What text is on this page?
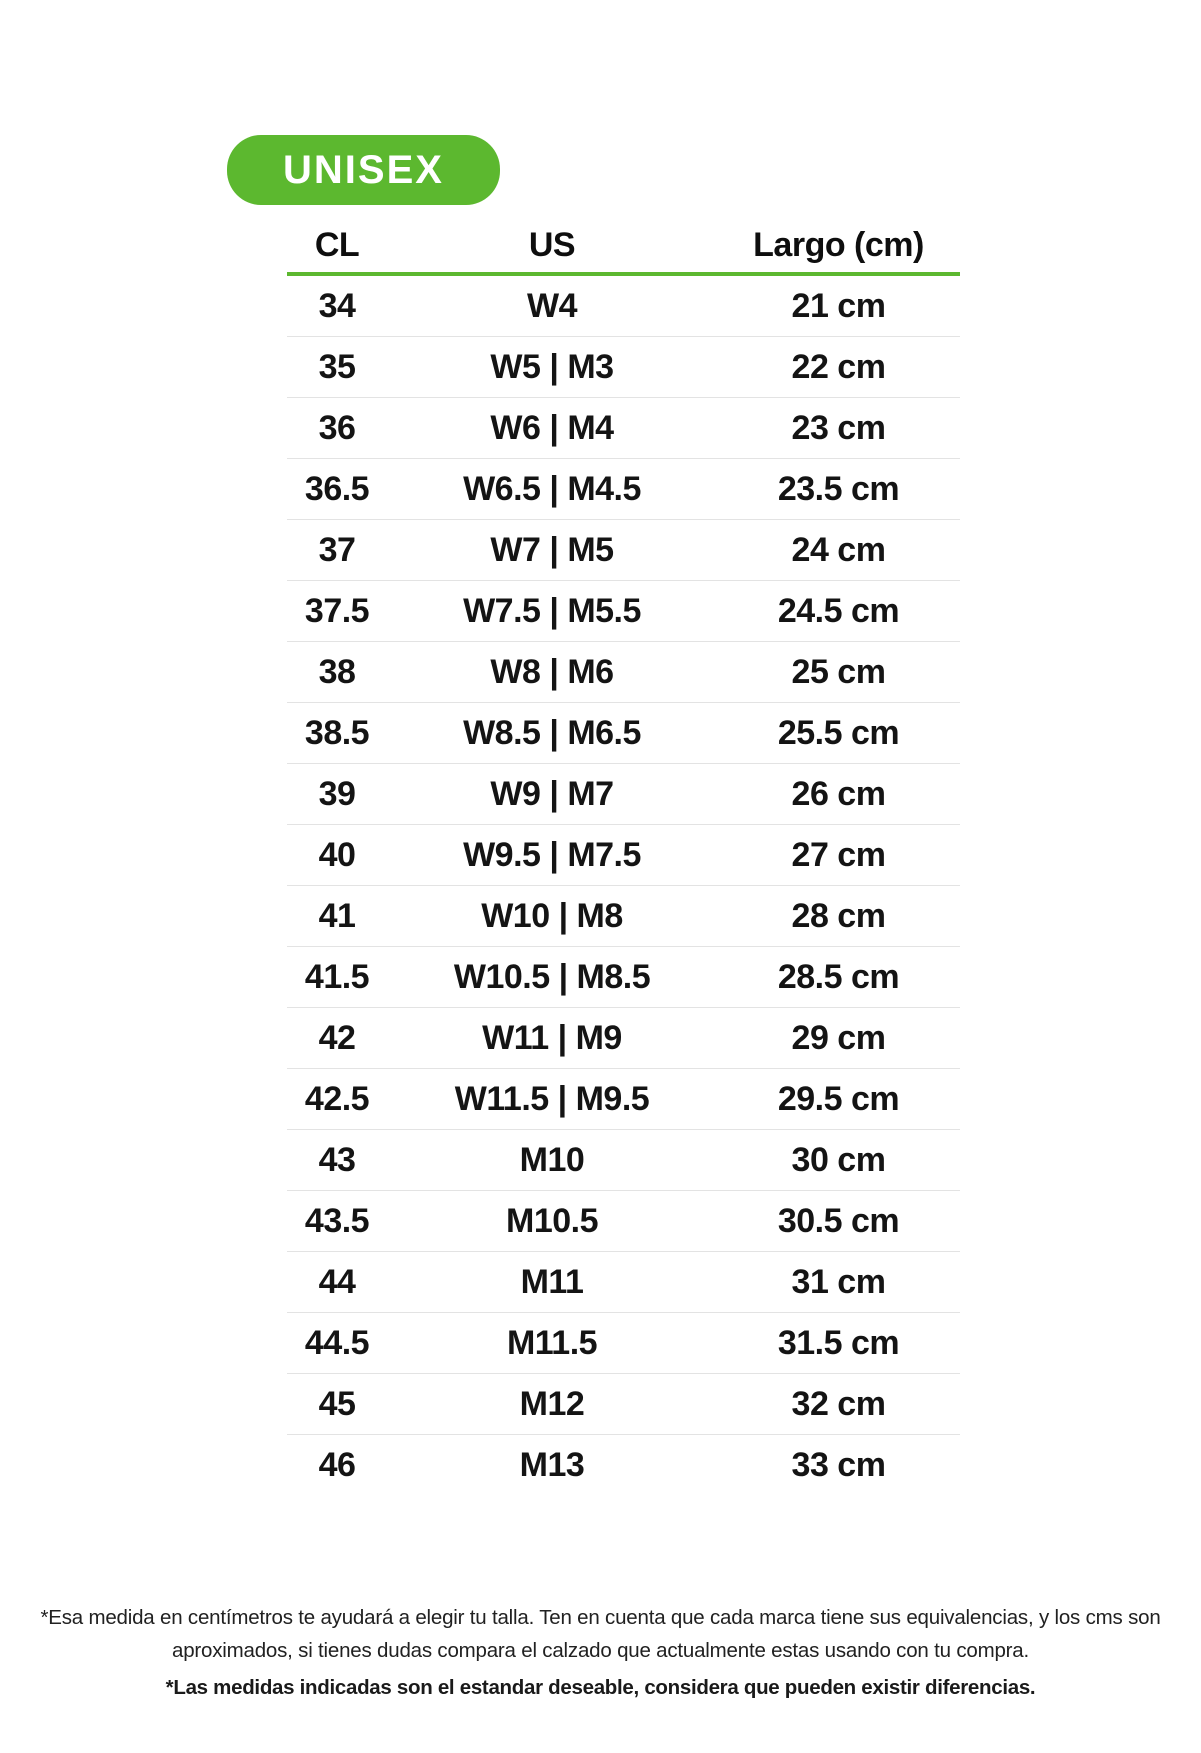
UNISEX
CL	US	Largo (cm)
34	W4	21 cm
35	W5 | M3	22 cm
36	W6 | M4	23 cm
36.5	W6.5 | M4.5	23.5 cm
37	W7 | M5	24 cm
37.5	W7.5 | M5.5	24.5 cm
38	W8 | M6	25 cm
38.5	W8.5 | M6.5	25.5 cm
39	W9 | M7	26 cm
40	W9.5 | M7.5	27 cm
41	W10 | M8	28 cm
41.5	W10.5 | M8.5	28.5 cm
42	W11 | M9	29 cm
42.5	W11.5 | M9.5	29.5 cm
43	M10	30 cm
43.5	M10.5	30.5 cm
44	M11	31 cm
44.5	M11.5	31.5 cm
45	M12	32 cm
46	M13	33 cm

*Esa medida en centímetros te ayudará a elegir tu talla. Ten en cuenta que cada marca tiene sus equivalencias, y los cms son aproximados, si tienes dudas compara el calzado que actualmente estas usando con tu compra.

*Las medidas indicadas son el estandar deseable, considera que pueden existir diferencias.
